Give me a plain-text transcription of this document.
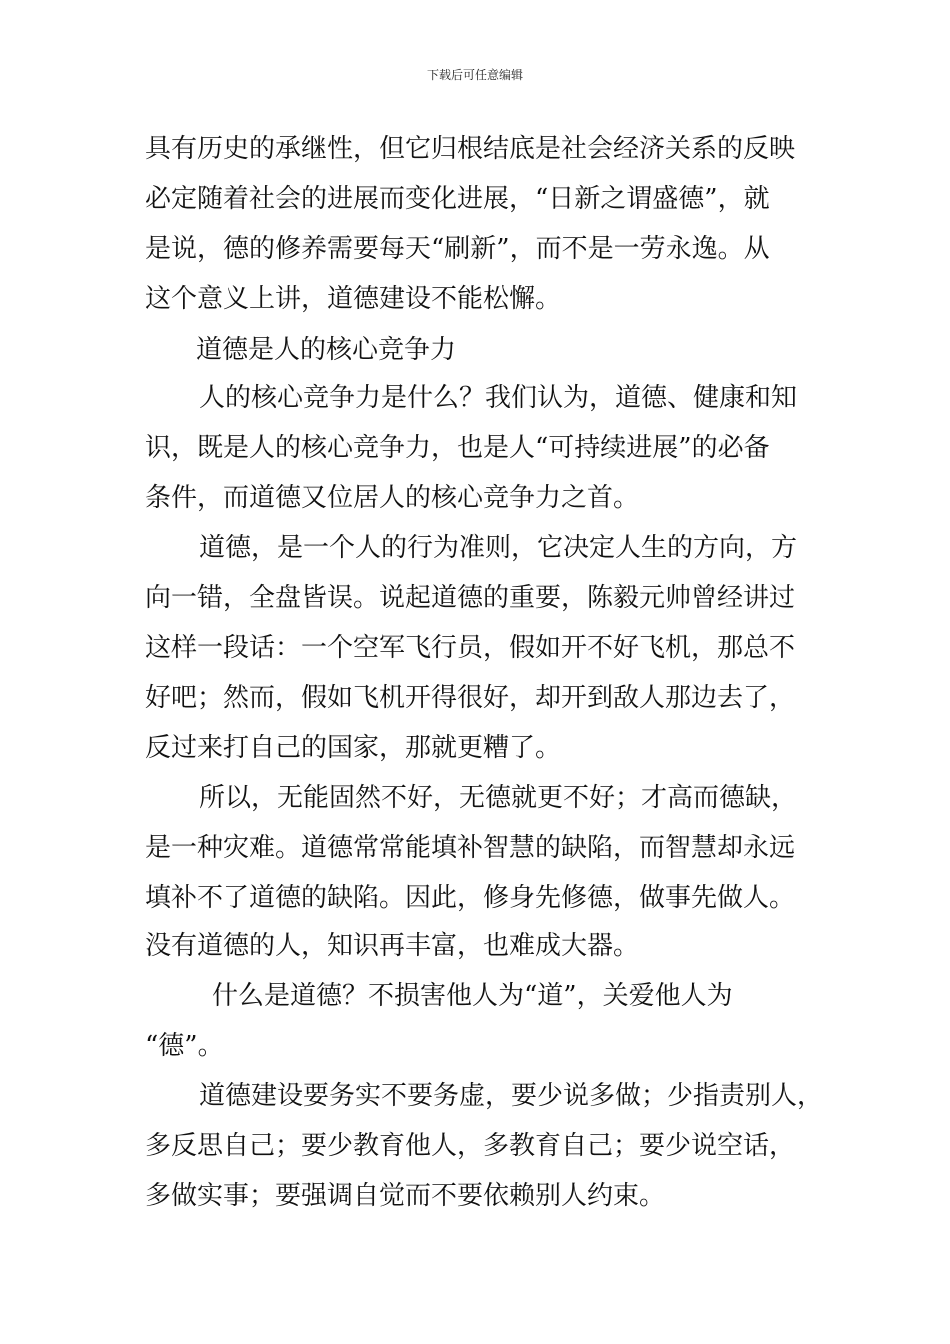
下载后可任意编辑
具有历史的承继性，但它归根结底是社会经济关系的反映
必定随着社会的进展而变化进展，“日新之谓盛德”，就
是说，德的修养需要每天“刷新”，而不是一劳永逸。从
这个意义上讲，道德建设不能松懈。
道德是人的核心竞争力
人的核心竞争力是什么？我们认为，道德、健康和知
识，既是人的核心竞争力，也是人“可持续进展”的必备
条件，而道德又位居人的核心竞争力之首。
道德，是一个人的行为准则，它决定人生的方向，方
向一错，全盘皆误。说起道德的重要，陈毅元帅曾经讲过
这样一段话：一个空军飞行员，假如开不好飞机，那总不
好吧；然而，假如飞机开得很好，却开到敌人那边去了，
反过来打自己的国家，那就更糟了。
所以，无能固然不好，无德就更不好；才高而德缺，
是一种灾难。道德常常能填补智慧的缺陷，而智慧却永远
填补不了道德的缺陷。因此，修身先修德，做事先做人。
没有道德的人，知识再丰富，也难成大器。
什么是道德？不损害他人为“道”，关爱他人为
“德”。
道德建设要务实不要务虚，要少说多做；少指责别人，
多反思自己；要少教育他人，多教育自己；要少说空话，
多做实事；要强调自觉而不要依赖别人约束。
